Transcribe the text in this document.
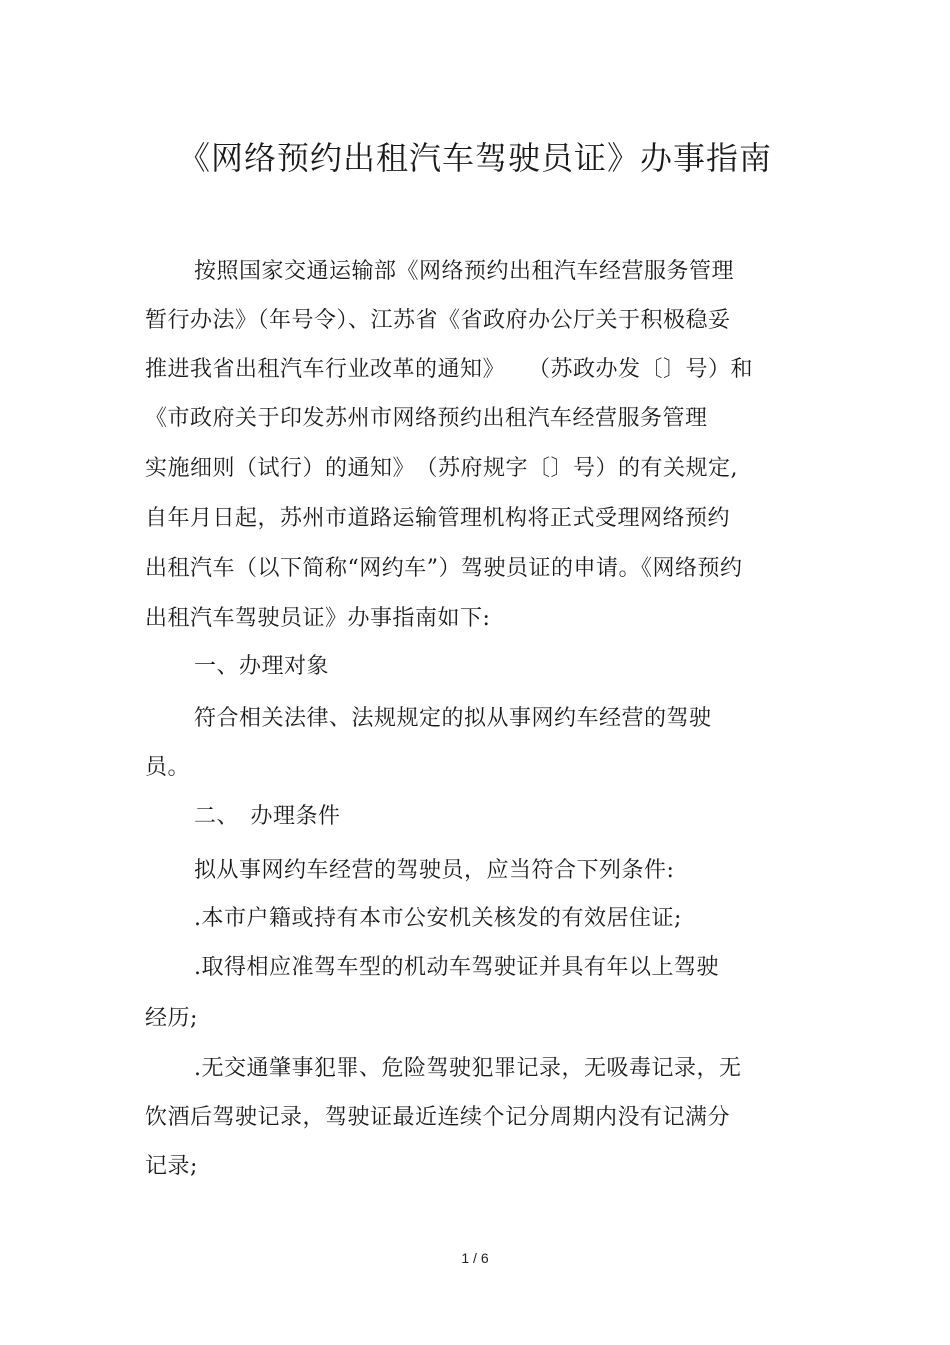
《网络预约出租汽车驾驶员证》办事指南
按照国家交通运输部《网络预约出租汽车经营服务管理
暂行办法》（年号令）、江苏省《省政府办公厅关于积极稳妥
推进我省出租汽车行业改革的通知》　　（苏政办发〔〕号）和
《市政府关于印发苏州市网络预约出租汽车经营服务管理
实施细则（试行）的通知》　（苏府规字〔〕号）的有关规定,
自年月日起，苏州市道路运输管理机构将正式受理网络预约
出租汽车（以下简称“网约车”）驾驶员证的申请。《网络预约
出租汽车驾驶员证》办事指南如下:
一、办理对象
符合相关法律、法规规定的拟从事网约车经营的驾驶
员。
二、　办理条件
拟从事网约车经营的驾驶员，应当符合下列条件:
.本市户籍或持有本市公安机关核发的有效居住证;
.取得相应准驾车型的机动车驾驶证并具有年以上驾驶
经历;
.无交通肇事犯罪、危险驾驶犯罪记录，无吸毒记录，无
饮酒后驾驶记录，驾驶证最近连续个记分周期内没有记满分
记录;
1 / 6
